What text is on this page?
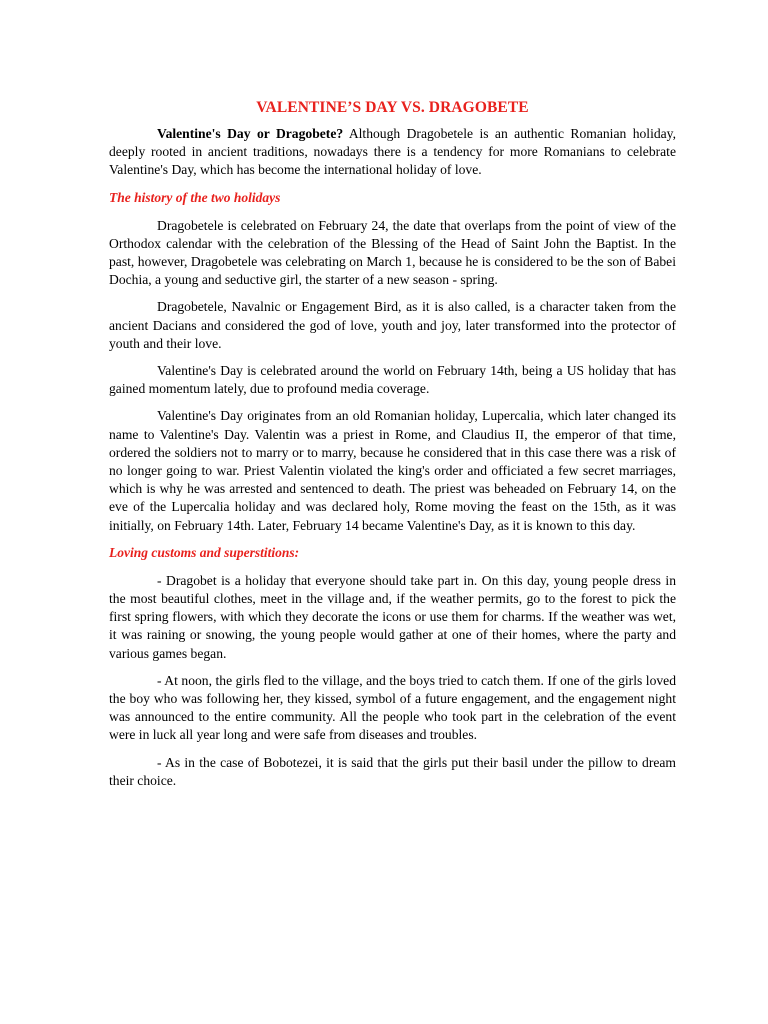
VALENTINE’S DAY VS. DRAGOBETE

Valentine's Day or Dragobete? Although Dragobetele is an authentic Romanian holiday, deeply rooted in ancient traditions, nowadays there is a tendency for more Romanians to celebrate Valentine's Day, which has become the international holiday of love.

The history of the two holidays

Dragobetele is celebrated on February 24, the date that overlaps from the point of view of the Orthodox calendar with the celebration of the Blessing of the Head of Saint John the Baptist. In the past, however, Dragobetele was celebrating on March 1, because he is considered to be the son of Babei Dochia, a young and seductive girl, the starter of a new season - spring.

Dragobetele, Navalnic or Engagement Bird, as it is also called, is a character taken from the ancient Dacians and considered the god of love, youth and joy, later transformed into the protector of youth and their love.

Valentine's Day is celebrated around the world on February 14th, being a US holiday that has gained momentum lately, due to profound media coverage.

Valentine's Day originates from an old Romanian holiday, Lupercalia, which later changed its name to Valentine's Day. Valentin was a priest in Rome, and Claudius II, the emperor of that time, ordered the soldiers not to marry or to marry, because he considered that in this case there was a risk of no longer going to war. Priest Valentin violated the king's order and officiated a few secret marriages, which is why he was arrested and sentenced to death. The priest was beheaded on February 14, on the eve of the Lupercalia holiday and was declared holy, Rome moving the feast on the 15th, as it was initially, on February 14th. Later, February 14 became Valentine's Day, as it is known to this day.

Loving customs and superstitions:

- Dragobet is a holiday that everyone should take part in. On this day, young people dress in the most beautiful clothes, meet in the village and, if the weather permits, go to the forest to pick the first spring flowers, with which they decorate the icons or use them for charms. If the weather was wet, it was raining or snowing, the young people would gather at one of their homes, where the party and various games began.

- At noon, the girls fled to the village, and the boys tried to catch them. If one of the girls loved the boy who was following her, they kissed, symbol of a future engagement, and the engagement night was announced to the entire community. All the people who took part in the celebration of the event were in luck all year long and were safe from diseases and troubles.

- As in the case of Bobotezei, it is said that the girls put their basil under the pillow to dream their choice.
